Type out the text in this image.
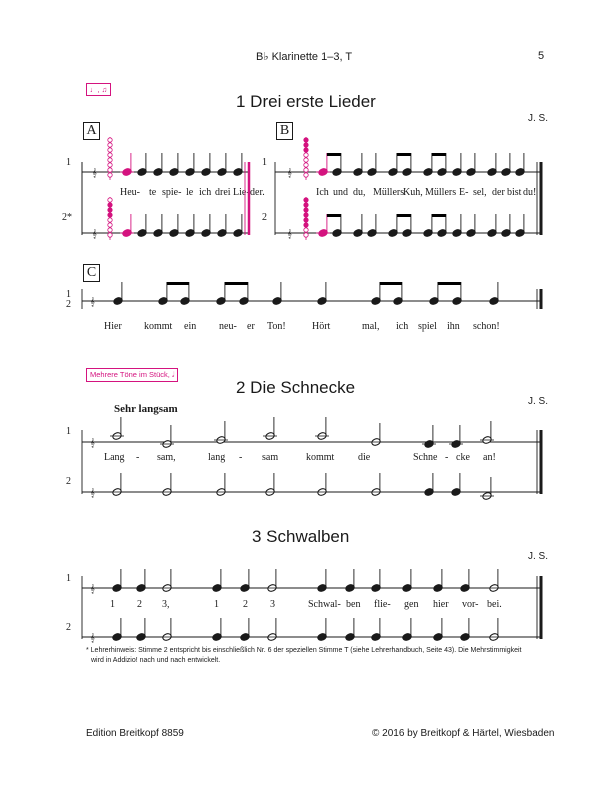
B♭ Klarinette 1–3, T	5
♩, ♫
1 Drei erste Lieder
J. S.
A	B
1
2*
1
2
C
1
2
Heu- te spie- le ich drei Lie- der.	Ich und du, Müllers
Kuh, Müllers E- sel, der bist du!
Hier kommt ein neu- er Ton!	Hört	mal, ich spiel ihn schon!
Mehrere Töne im Stück, 𝅗𝅥
2 Die Schnecke
J. S.
Sehr langsam
1
2
Lang - sam,	lang - sam	kommt die	Schne - cke an!
3 Schwalben
J. S.
1
2
1 2 3,	1 2 3	Schwal- ben flie- gen hier vor- bei.
* Lehrerhinweis: Stimme 2 entspricht bis einschließlich Nr. 6 der speziellen Stimme T (siehe Lehrerhandbuch, Seite 43). Die Mehrstimmigkeit
wird in Addizio! nach und nach entwickelt.
Edition Breitkopf 8859	© 2016 by Breitkopf & Härtel, Wiesbaden
𝄞
𝄞
𝄞
𝄞
𝄞
𝄞
𝄞
𝄞
𝄞
